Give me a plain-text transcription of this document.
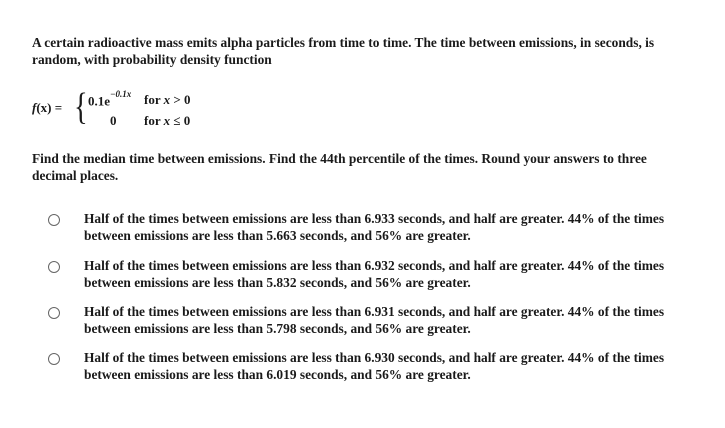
A certain radioactive mass emits alpha particles from time to time. The time between emissions, in seconds, is random, with probability density function
f(x) = { $0.1e^{-0.1x}$ for x > 0
0 for x ≤ 0
Find the median time between emissions. Find the 44th percentile of the times. Round your answers to three decimal places.
Half of the times between emissions are less than 6.933 seconds, and half are greater. 44% of the times between emissions are less than 5.663 seconds, and 56% are greater.
Half of the times between emissions are less than 6.932 seconds, and half are greater. 44% of the times between emissions are less than 5.832 seconds, and 56% are greater.
Half of the times between emissions are less than 6.931 seconds, and half are greater. 44% of the times between emissions are less than 5.798 seconds, and 56% are greater.
Half of the times between emissions are less than 6.930 seconds, and half are greater. 44% of the times between emissions are less than 6.019 seconds, and 56% are greater.
